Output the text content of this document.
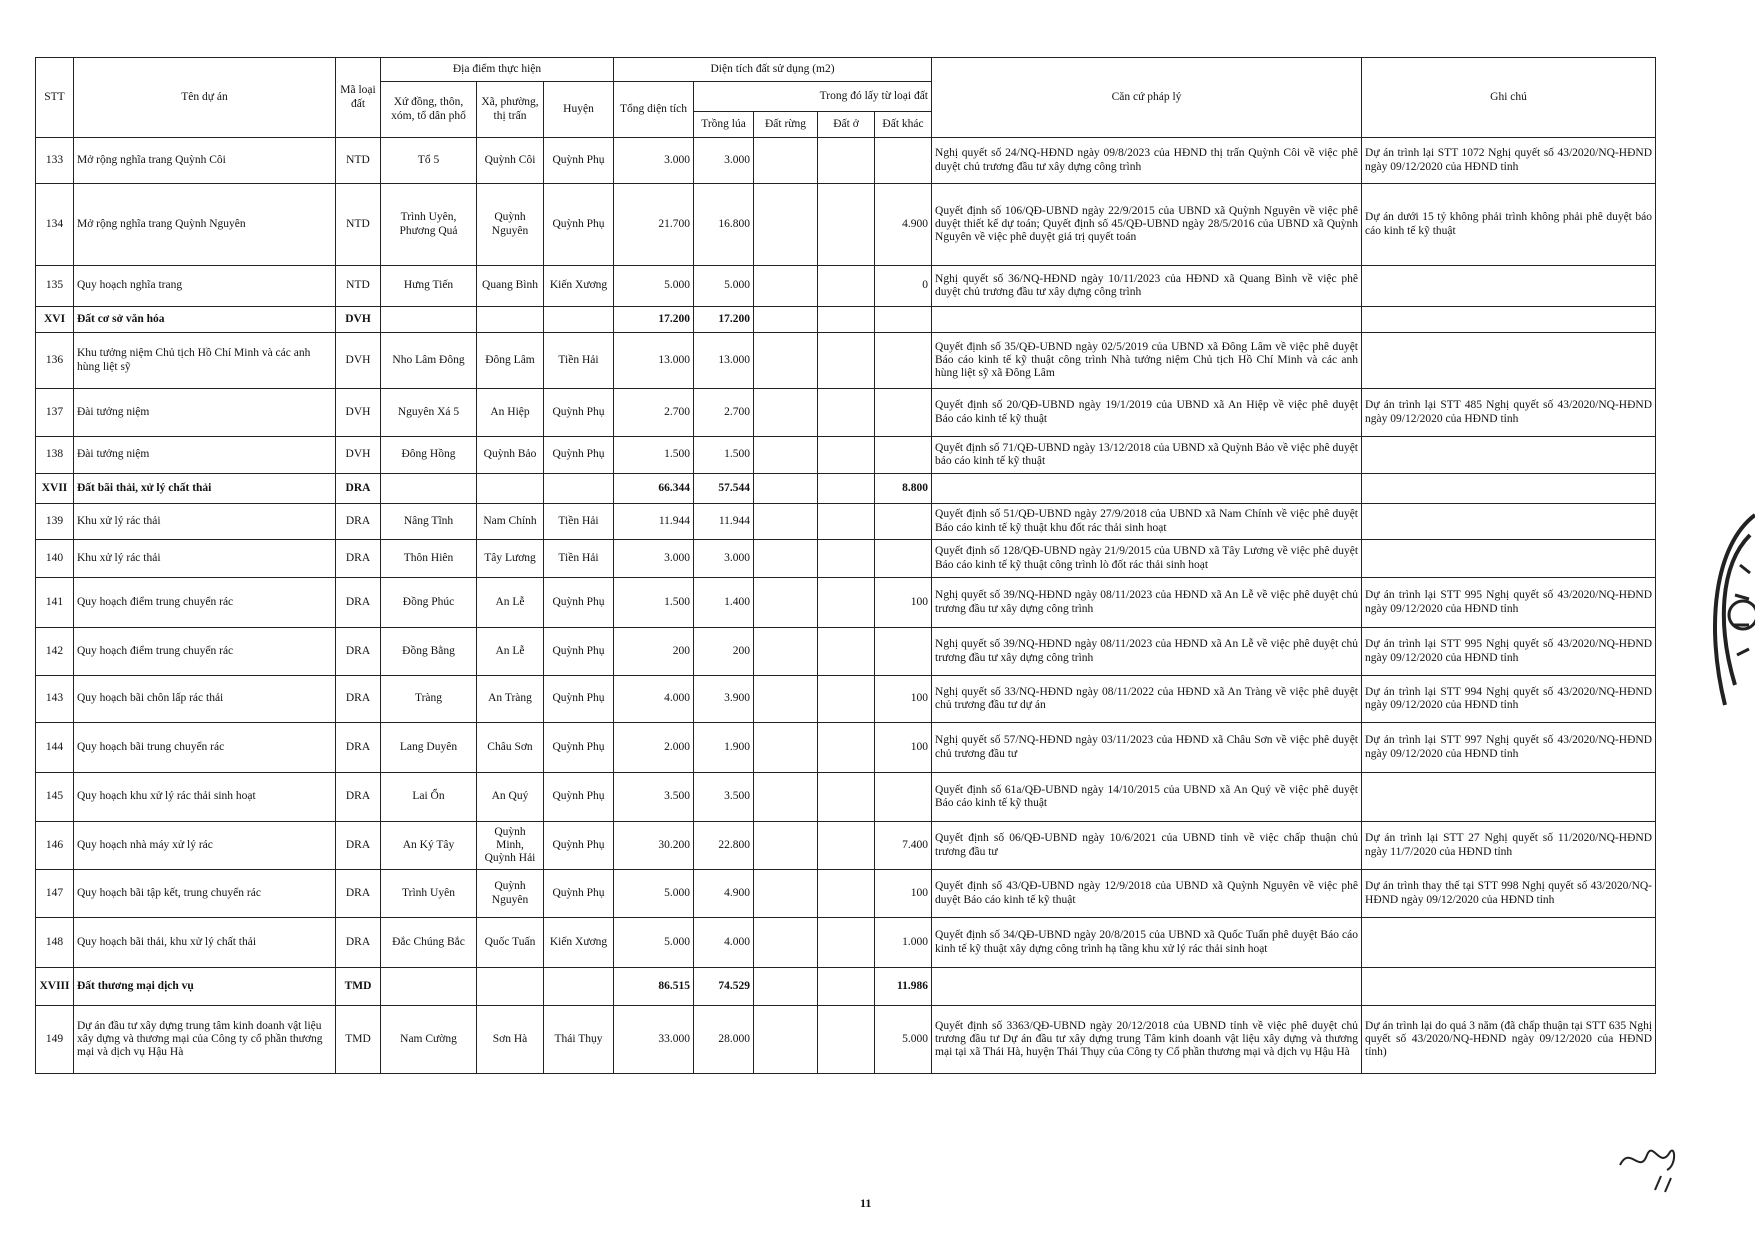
STT	Tên dự án	Mã loại đất	Địa điểm thực hiện			Diện tích đất sử dụng (m2)					Căn cứ pháp lý	Ghi chú
			Xứ đồng, thôn, xóm, tổ dân phố	Xã, phường, thị trấn	Huyện	Tổng diện tích	Trong đó lấy từ loại đất					
							Trồng lúa	Đất rừng	Đất ở	Đất khác		
133	Mở rộng nghĩa trang Quỳnh Côi	NTD	Tổ 5	Quỳnh Côi	Quỳnh Phụ	3.000	3.000				Nghị quyết số 24/NQ-HĐND ngày 09/8/2023 của HĐND thị trấn Quỳnh Côi về việc phê duyệt chủ trương đầu tư xây dựng công trình	Dự án trình lại STT 1072 Nghị quyết số 43/2020/NQ-HĐND ngày 09/12/2020 của HĐND tỉnh
134	Mở rộng nghĩa trang Quỳnh Nguyên	NTD	Trình Uyên, Phương Quả	Quỳnh Nguyên	Quỳnh Phụ	21.700	16.800			4.900	Quyết định số 106/QĐ-UBND ngày 22/9/2015 của UBND xã Quỳnh Nguyên về việc phê duyệt thiết kế dự toán; Quyết định số 45/QĐ-UBND ngày 28/5/2016 của UBND xã Quỳnh Nguyên về việc phê duyệt giá trị quyết toán	Dự án dưới 15 tỷ không phải trình không phải phê duyệt báo cáo kinh tế kỹ thuật
135	Quy hoạch nghĩa trang	NTD	Hưng Tiến	Quang Bình	Kiến Xương	5.000	5.000			0	Nghị quyết số 36/NQ-HĐND ngày 10/11/2023 của HĐND xã Quang Bình về việc phê duyệt chủ trương đầu tư xây dựng công trình	
XVI	Đất cơ sở văn hóa	DVH				17.200	17.200					
136	Khu tưởng niệm Chủ tịch Hồ Chí Minh và các anh hùng liệt sỹ	DVH	Nho Lâm Đông	Đông Lâm	Tiền Hải	13.000	13.000				Quyết định số 35/QĐ-UBND ngày 02/5/2019 của UBND xã Đông Lâm về việc phê duyệt Báo cáo kinh tế kỹ thuật công trình Nhà tưởng niệm Chủ tịch Hồ Chí Minh và các anh hùng liệt sỹ xã Đông Lâm	
137	Đài tưởng niệm	DVH	Nguyên Xá 5	An Hiệp	Quỳnh Phụ	2.700	2.700				Quyết định số 20/QĐ-UBND ngày 19/1/2019 của UBND xã An Hiệp về việc phê duyệt Báo cáo kinh tế kỹ thuật	Dự án trình lại STT 485 Nghị quyết số 43/2020/NQ-HĐND ngày 09/12/2020 của HĐND tỉnh
138	Đài tưởng niệm	DVH	Đông Hồng	Quỳnh Bảo	Quỳnh Phụ	1.500	1.500				Quyết định số 71/QĐ-UBND ngày 13/12/2018 của UBND xã Quỳnh Bảo về việc phê duyệt báo cáo kinh tế kỹ thuật	
XVII	Đất bãi thải, xử lý chất thải	DRA				66.344	57.544			8.800		
139	Khu xử lý rác thải	DRA	Nâng Tĩnh	Nam Chính	Tiền Hải	11.944	11.944				Quyết định số 51/QĐ-UBND ngày 27/9/2018 của UBND xã Nam Chính về việc phê duyệt Báo cáo kinh tế kỹ thuật khu đốt rác thải sinh hoạt	
140	Khu xử lý rác thải	DRA	Thôn Hiên	Tây Lương	Tiền Hải	3.000	3.000				Quyết định số 128/QĐ-UBND ngày 21/9/2015 của UBND xã Tây Lương về việc phê duyệt Báo cáo kinh tế kỹ thuật công trình lò đốt rác thải sinh hoạt	
141	Quy hoạch điểm trung chuyển rác	DRA	Đồng Phúc	An Lễ	Quỳnh Phụ	1.500	1.400			100	Nghị quyết số 39/NQ-HĐND ngày 08/11/2023 của HĐND xã An Lễ về việc phê duyệt chủ trương đầu tư xây dựng công trình	Dự án trình lại STT 995 Nghị quyết số 43/2020/NQ-HĐND ngày 09/12/2020 của HĐND tỉnh
142	Quy hoạch điểm trung chuyển rác	DRA	Đồng Bằng	An Lễ	Quỳnh Phụ	200	200				Nghị quyết số 39/NQ-HĐND ngày 08/11/2023 của HĐND xã An Lễ về việc phê duyệt chủ trương đầu tư xây dựng công trình	Dự án trình lại STT 995 Nghị quyết số 43/2020/NQ-HĐND ngày 09/12/2020 của HĐND tỉnh
143	Quy hoạch bãi chôn lấp rác thải	DRA	Tràng	An Tràng	Quỳnh Phụ	4.000	3.900			100	Nghị quyết số 33/NQ-HĐND ngày 08/11/2022 của HĐND xã An Tràng về việc phê duyệt chủ trương đầu tư dự án	Dự án trình lại STT 994 Nghị quyết số 43/2020/NQ-HĐND ngày 09/12/2020 của HĐND tỉnh
144	Quy hoạch bãi trung chuyển rác	DRA	Lang Duyên	Châu Sơn	Quỳnh Phụ	2.000	1.900			100	Nghị quyết số 57/NQ-HĐND ngày 03/11/2023 của HĐND xã Châu Sơn về việc phê duyệt chủ trương đầu tư	Dự án trình lại STT 997 Nghị quyết số 43/2020/NQ-HĐND ngày 09/12/2020 của HĐND tỉnh
145	Quy hoạch khu xử lý rác thải sinh hoạt	DRA	Lai Ổn	An Quý	Quỳnh Phụ	3.500	3.500				Quyết định số 61a/QĐ-UBND ngày 14/10/2015 của UBND xã An Quý về việc phê duyệt Báo cáo kinh tế kỹ thuật	
146	Quy hoạch nhà máy xử lý rác	DRA	An Ký Tây	Quỳnh Minh, Quỳnh Hải	Quỳnh Phụ	30.200	22.800			7.400	Quyết định số 06/QĐ-UBND ngày 10/6/2021 của UBND tỉnh về việc chấp thuận chủ trương đầu tư	Dự án trình lại STT 27 Nghị quyết số 11/2020/NQ-HĐND ngày 11/7/2020 của HĐND tỉnh
147	Quy hoạch bãi tập kết, trung chuyển rác	DRA	Trình Uyên	Quỳnh Nguyên	Quỳnh Phụ	5.000	4.900			100	Quyết định số 43/QĐ-UBND ngày 12/9/2018 của UBND xã Quỳnh Nguyên về việc phê duyệt Báo cáo kinh tế kỹ thuật	Dự án trình thay thế tại STT 998 Nghị quyết số 43/2020/NQ-HĐND ngày 09/12/2020 của HĐND tỉnh
148	Quy hoạch bãi thải, khu xử lý chất thải	DRA	Đắc Chúng Bắc	Quốc Tuấn	Kiến Xương	5.000	4.000			1.000	Quyết định số 34/QĐ-UBND ngày 20/8/2015 của UBND xã Quốc Tuấn phê duyệt Báo cáo kinh tế kỹ thuật xây dựng công trình hạ tầng khu xử lý rác thải sinh hoạt	
XVIII	Đất thương mại dịch vụ	TMD				86.515	74.529			11.986		
149	Dự án đầu tư xây dựng trung tâm kinh doanh vật liệu xây dựng và thương mại của Công ty cổ phần thương mại và dịch vụ Hậu Hà	TMD	Nam Cường	Sơn Hà	Thái Thụy	33.000	28.000			5.000	Quyết định số 3363/QĐ-UBND ngày 20/12/2018 của UBND tỉnh về việc phê duyệt chủ trương đầu tư Dự án đầu tư xây dựng trung Tâm kinh doanh vật liệu xây dựng và thương mại tại xã Thái Hà, huyện Thái Thụy của Công ty Cổ phần thương mại và dịch vụ Hậu Hà	Dự án trình lại do quá 3 năm (đã chấp thuận tại STT 635 Nghị quyết số 43/2020/NQ-HĐND ngày 09/12/2020 của HĐND tỉnh)
11
